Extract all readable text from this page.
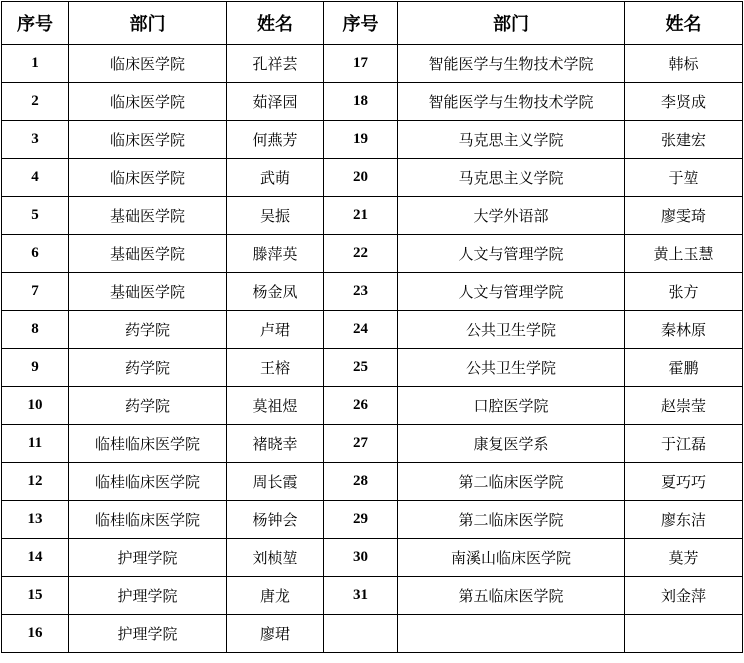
序号	部门	姓名	序号	部门	姓名
1	临床医学院	孔祥芸	17	智能医学与生物技术学院	韩标
2	临床医学院	茹泽园	18	智能医学与生物技术学院	李贤成
3	临床医学院	何燕芳	19	马克思主义学院	张建宏
4	临床医学院	武萌	20	马克思主义学院	于堃
5	基础医学院	吴振	21	大学外语部	廖雯琦
6	基础医学院	滕萍英	22	人文与管理学院	黄上玉慧
7	基础医学院	杨金凤	23	人文与管理学院	张方
8	药学院	卢珺	24	公共卫生学院	秦林原
9	药学院	王榕	25	公共卫生学院	霍鹏
10	药学院	莫祖煜	26	口腔医学院	赵崇莹
11	临桂临床医学院	褚晓幸	27	康复医学系	于江磊
12	临桂临床医学院	周长霞	28	第二临床医学院	夏巧巧
13	临桂临床医学院	杨钟会	29	第二临床医学院	廖东洁
14	护理学院	刘桢堃	30	南溪山临床医学院	莫芳
15	护理学院	唐龙	31	第五临床医学院	刘金萍
16	护理学院	廖珺			
